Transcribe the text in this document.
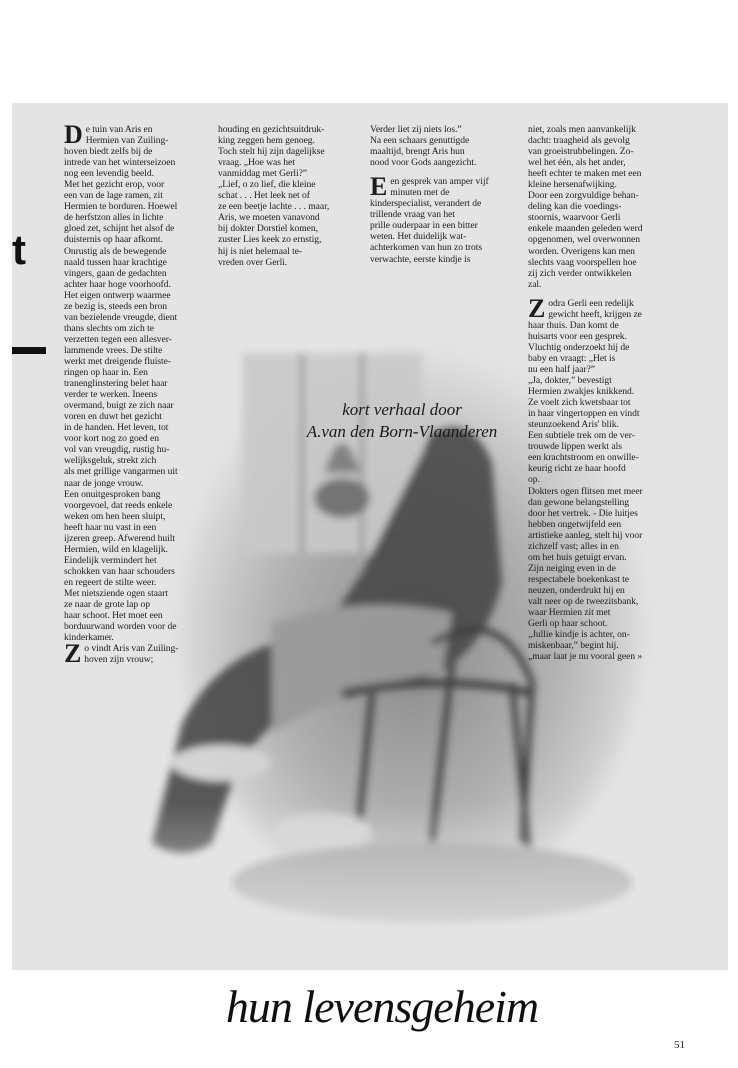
t
De tuin van Aris en
Hermien van Zuiling-
hoven biedt zelfs bij de
intrede van het winterseizoen
nog een levendig beeld.
Met het gezicht erop, voor
een van de lage ramen, zit
Hermien te borduren. Hoewel
de herfstzon alles in lichte
gloed zet, schijnt het alsof de
duisternis op haar afkomt.
Onrustig als de bewegende
naald tussen haar krachtige
vingers, gaan de gedachten
achter haar hoge voorhoofd.
Het eigen ontwerp waarmee
ze bezig is, steeds een bron
van bezielende vreugde, dient
thans slechts om zich te
verzetten tegen een allesver-
lammende vrees. De stilte
werkt met dreigende fluiste-
ringen op haar in. Een
tranenglinstering belet haar
verder te werken. Ineens
overmand, buigt ze zich naar
voren en duwt het gezicht
in de handen. Het leven, tot
voor kort nog zo goed en
vol van vreugdig, rustig hu-
welijksgeluk, strekt zich
als met grillige vangarmen uit
naar de jonge vrouw.
Een onuitgesproken bang
voorgevoel, dat reeds enkele
weken om hen heen sluipt,
heeft haar nu vast in een
ijzeren greep. Afwerend huilt
Hermien, wild en klagelijk.
Eindelijk vermindert het
schokken van haar schouders
en regeert de stilte weer.
Met nietsziende ogen staart
ze naar de grote lap op
haar schoot. Het moet een
borduurwand worden voor de
kinderkamer.
Z o vindt Aris van Zuiling-
hoven zijn vrouw;
houding en gezichtsuitdruk-
king zeggen hem genoeg.
Toch stelt hij zijn dagelijkse
vraag. „Hoe was het
vanmiddag met Gerli?”
„Lief, o zo lief, die kleine
schat . . . Het leek net of
ze een beetje lachte . . . maar,
Aris, we moeten vanavond
bij dokter Dorstiel komen,
zuster Lies keek zo ernstig,
hij is niet helemaal te-
vreden over Gerli.
Verder liet zij niets los.”
Na een schaars genuttigde
maaltijd, brengt Aris hun
nood voor Gods aangezicht.
E en gesprek van amper vijf
minuten met de
kinderspecialist, verandert de
trillende vraag van het
prille ouderpaar in een bitter
weten. Het duidelijk wat-
achterkomen van hun zo trots
verwachte, eerste kindje is
niet, zoals men aanvankelijk
dacht: traagheid als gevolg
van groeistrubbelingen. Zo-
wel het één, als het ander,
heeft echter te maken met een
kleine hersenafwijking.
Door een zorgvuldige behan-
deling kan die voedings-
stoornis, waarvoor Gerli
enkele maanden geleden werd
opgenomen, wel overwonnen
worden. Overigens kan men
slechts vaag voorspellen hoe
zij zich verder ontwikkelen
zal.
Z odra Gerli een redelijk
gewicht heeft, krijgen ze
haar thuis. Dan komt de
huisarts voor een gesprek.
Vluchtig onderzoekt hij de
baby en vraagt: „Het is
nu een half jaar?”
„Ja, dokter,” bevestigt
Hermien zwakjes knikkend.
Ze voelt zich kwetsbaar tot
in haar vingertoppen en vindt
steunzoekend Aris' blik.
Een subtiele trek om de ver-
trouwde lippen werkt als
een krachtstroom en onwille-
keurig richt ze haar hoofd
op.
Dokters ogen flitsen met meer
dan gewone belangstelling
door het vertrek. - Die luitjes
hebben ongetwijfeld een
artistieke aanleg, stelt hij voor
zichzelf vast; alles in en
om het huis getuigt ervan.
Zijn neiging even in de
respectabele boekenkast te
neuzen, onderdrukt hij en
valt neer op de tweezitsbank,
waar Hermien zit met
Gerli op haar schoot.
„Jullie kindje is achter, on-
miskenbaar,” begint hij.
„maar laat je nu vooral geen »
kort verhaal door
A.van den Born-Vlaanderen
hun levensgeheim
51
